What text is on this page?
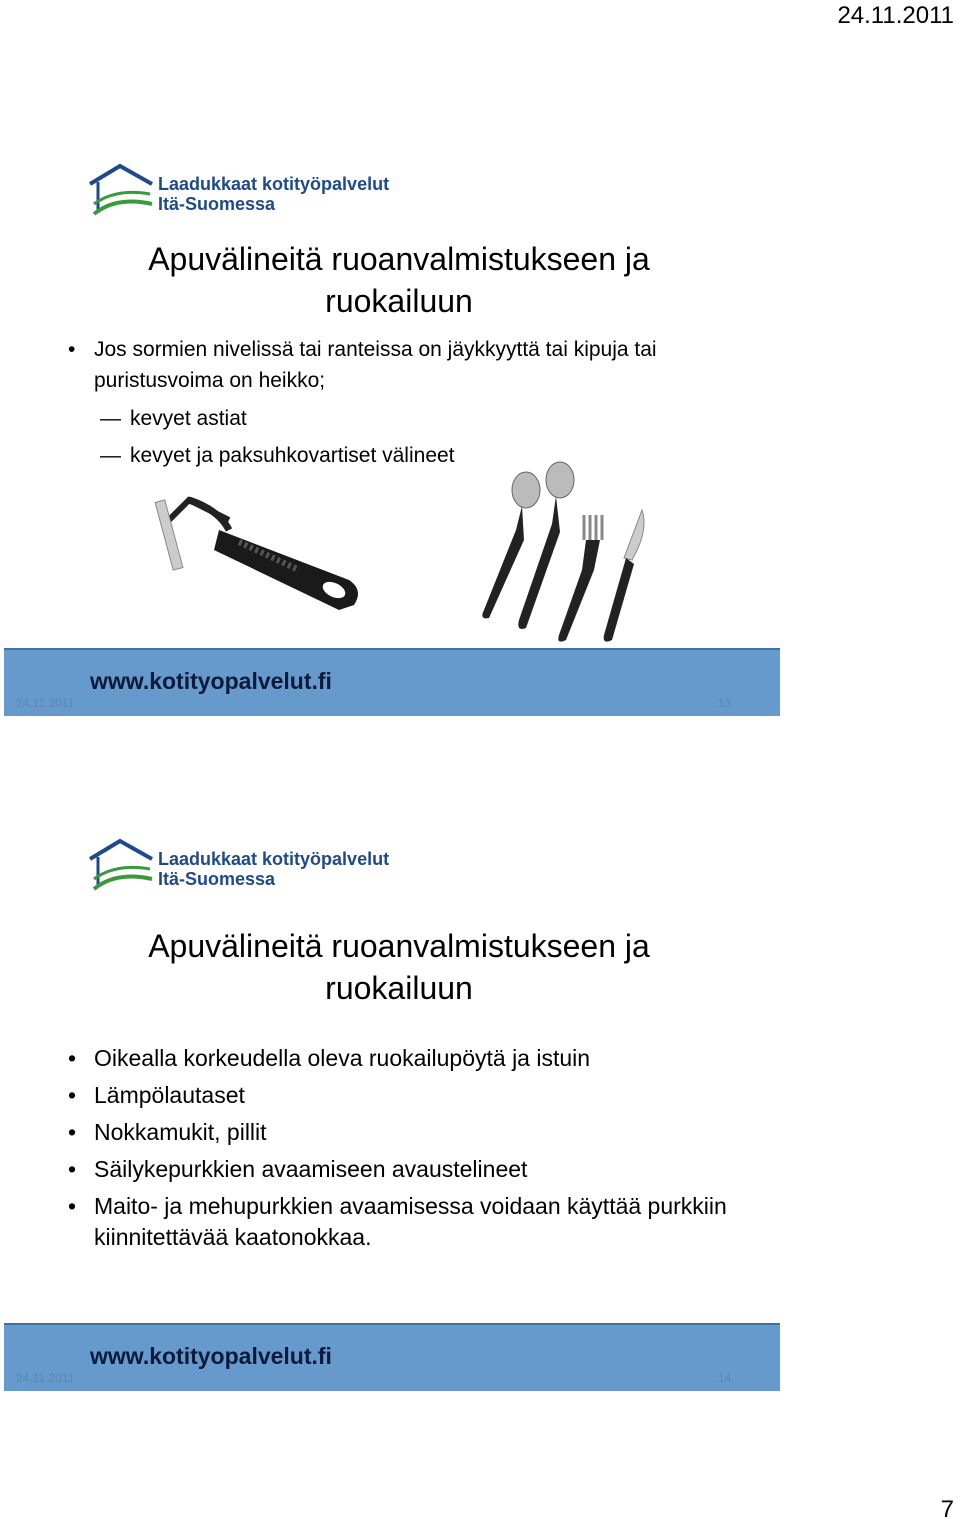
24.11.2011
Laadukkaat kotityöpalvelut
Itä-Suomessa
Apuvälineitä ruoanvalmistukseen ja
ruokailuun
• Jos sormien nivelissä tai ranteissa on jäykkyyttä tai kipuja tai puristusvoima on heikko;
— kevyet astiat
— kevyet ja paksuhkovartiset välineet
www.kotityopalvelut.fi
24.11.2011	13
Laadukkaat kotityöpalvelut
Itä-Suomessa
Apuvälineitä ruoanvalmistukseen ja
ruokailuun
• Oikealla korkeudella oleva ruokailupöytä ja istuin
• Lämpölautaset
• Nokkamukit, pillit
• Säilykepurkkien avaamiseen avaustelineet
• Maito- ja mehupurkkien avaamisessa voidaan käyttää purkkiin kiinnitettävää kaatonokkaa.
www.kotityopalvelut.fi
24.11.2011	14
7
